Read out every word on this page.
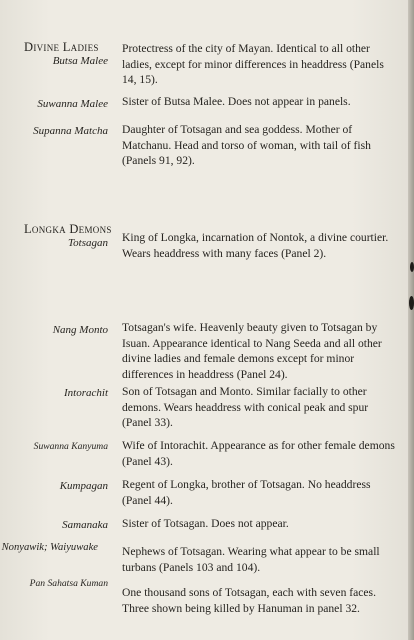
Divine Ladies
Butsa Malee
Protectress of the city of Mayan. Identical to all other ladies, except for minor differences in headdress (Panels 14, 15).
Suwanna Malee Sister of Butsa Malee. Does not appear in panels.
Supanna Matcha Daughter of Totsagan and sea goddess. Mother of Matchanu. Head and torso of woman, with tail of fish (Panels 91, 92).
Longka Demons
Totsagan King of Longka, incarnation of Nontok, a divine courtier. Wears headdress with many faces (Panel 2).
Nang Monto Totsagan's wife. Heavenly beauty given to Totsagan by Isuan. Appearance identical to Nang Seeda and all other divine ladies and female demons except for minor differences in headdress (Panel 24).
Intorachit Son of Totsagan and Monto. Similar facially to other demons. Wears headdress with conical peak and spur (Panel 33).
Suwanna Kanyuma Wife of Intorachit. Appearance as for other female demons (Panel 43).
Kumpagan Regent of Longka, brother of Totsagan. No headdress (Panel 44).
Samanaka Sister of Totsagan. Does not appear.
Nonyawik; Waiyuwake Nephews of Totsagan. Wearing what appear to be small turbans (Panels 103 and 104).
Pan Sahatsa Kuman
One thousand sons of Totsagan, each with seven faces. Three shown being killed by Hanuman in panel 32.
